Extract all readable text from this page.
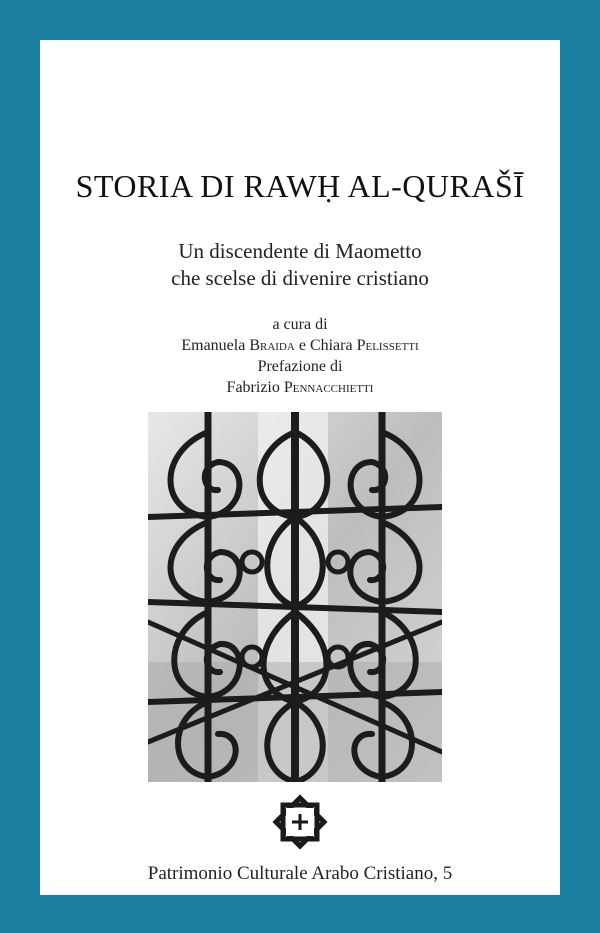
STORIA DI RAWḤ AL-QURAŠĪ
Un discendente di Maometto
che scelse di divenire cristiano
a cura di
Emanuela Braida e Chiara Pelissetti
Prefazione di
Fabrizio Pennacchietti
Patrimonio Culturale Arabo Cristiano, 5
